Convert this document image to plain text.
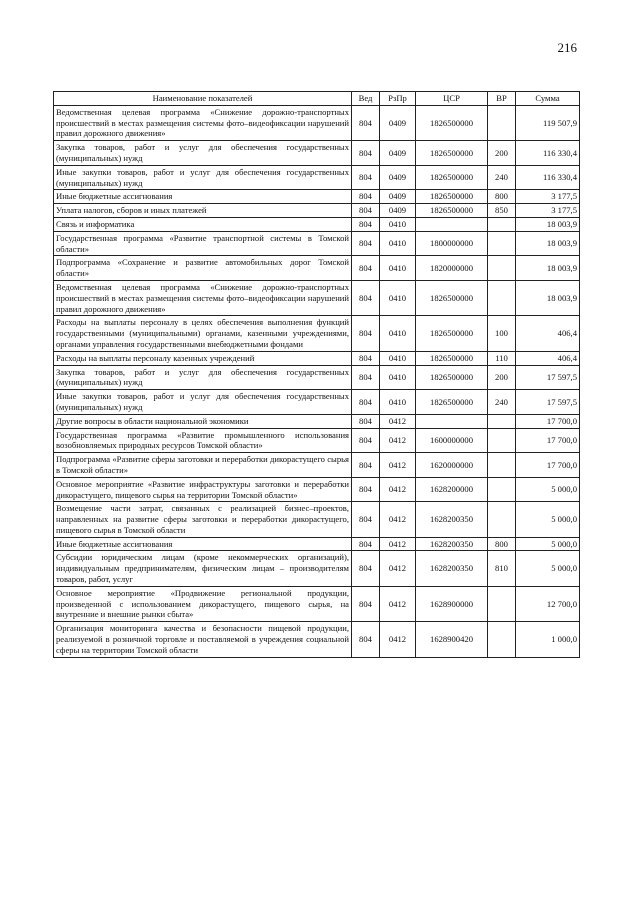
216
Наименование показателей	Вед	РзПр	ЦСР	ВР	Сумма
Ведомственная целевая программа «Снижение дорожно-транспортных происшествий в местах размещения системы фото–видеофиксации нарушений правил дорожного движения»	804	0409	1826500000		119 507,9
Закупка товаров, работ и услуг для обеспечения государственных (муниципальных) нужд	804	0409	1826500000	200	116 330,4
Иные закупки товаров, работ и услуг для обеспечения государственных (муниципальных) нужд	804	0409	1826500000	240	116 330,4
Иные бюджетные ассигнования	804	0409	1826500000	800	3 177,5
Уплата налогов, сборов и иных платежей	804	0409	1826500000	850	3 177,5
Связь и информатика	804	0410			18 003,9
Государственная программа «Развитие транспортной системы в Томской области»	804	0410	1800000000		18 003,9
Подпрограмма «Сохранение и развитие автомобильных дорог Томской области»	804	0410	1820000000		18 003,9
Ведомственная целевая программа «Снижение дорожно-транспортных происшествий в местах размещения системы фото–видеофиксации нарушений правил дорожного движения»	804	0410	1826500000		18 003,9
Расходы на выплаты персоналу в целях обеспечения выполнения функций государственными (муниципальными) органами, казенными учреждениями, органами управления государственными внебюджетными фондами	804	0410	1826500000	100	406,4
Расходы на выплаты персоналу казенных учреждений	804	0410	1826500000	110	406,4
Закупка товаров, работ и услуг для обеспечения государственных (муниципальных) нужд	804	0410	1826500000	200	17 597,5
Иные закупки товаров, работ и услуг для обеспечения государственных (муниципальных) нужд	804	0410	1826500000	240	17 597,5
Другие вопросы в области национальной экономики	804	0412			17 700,0
Государственная программа «Развитие промышленного использования возобновляемых природных ресурсов Томской области»	804	0412	1600000000		17 700,0
Подпрограмма «Развитие сферы заготовки и переработки дикорастущего сырья в Томской области»	804	0412	1620000000		17 700,0
Основное мероприятие «Развитие инфраструктуры заготовки и переработки дикорастущего, пищевого сырья на территории Томской области»	804	0412	1628200000		5 000,0
Возмещение части затрат, связанных с реализацией бизнес–проектов, направленных на развитие сферы заготовки и переработки дикорастущего, пищевого сырья в Томской области	804	0412	1628200350		5 000,0
Иные бюджетные ассигнования	804	0412	1628200350	800	5 000,0
Субсидии юридическим лицам (кроме некоммерческих организаций), индивидуальным предпринимателям, физическим лицам – производителям товаров, работ, услуг	804	0412	1628200350	810	5 000,0
Основное мероприятие «Продвижение региональной продукции, произведенной с использованием дикорастущего, пищевого сырья, на внутренние и внешние рынки сбыта»	804	0412	1628900000		12 700,0
Организация мониторинга качества и безопасности пищевой продукции, реализуемой в розничной торговле и поставляемой в учреждения социальной сферы на территории Томской области	804	0412	1628900420		1 000,0
